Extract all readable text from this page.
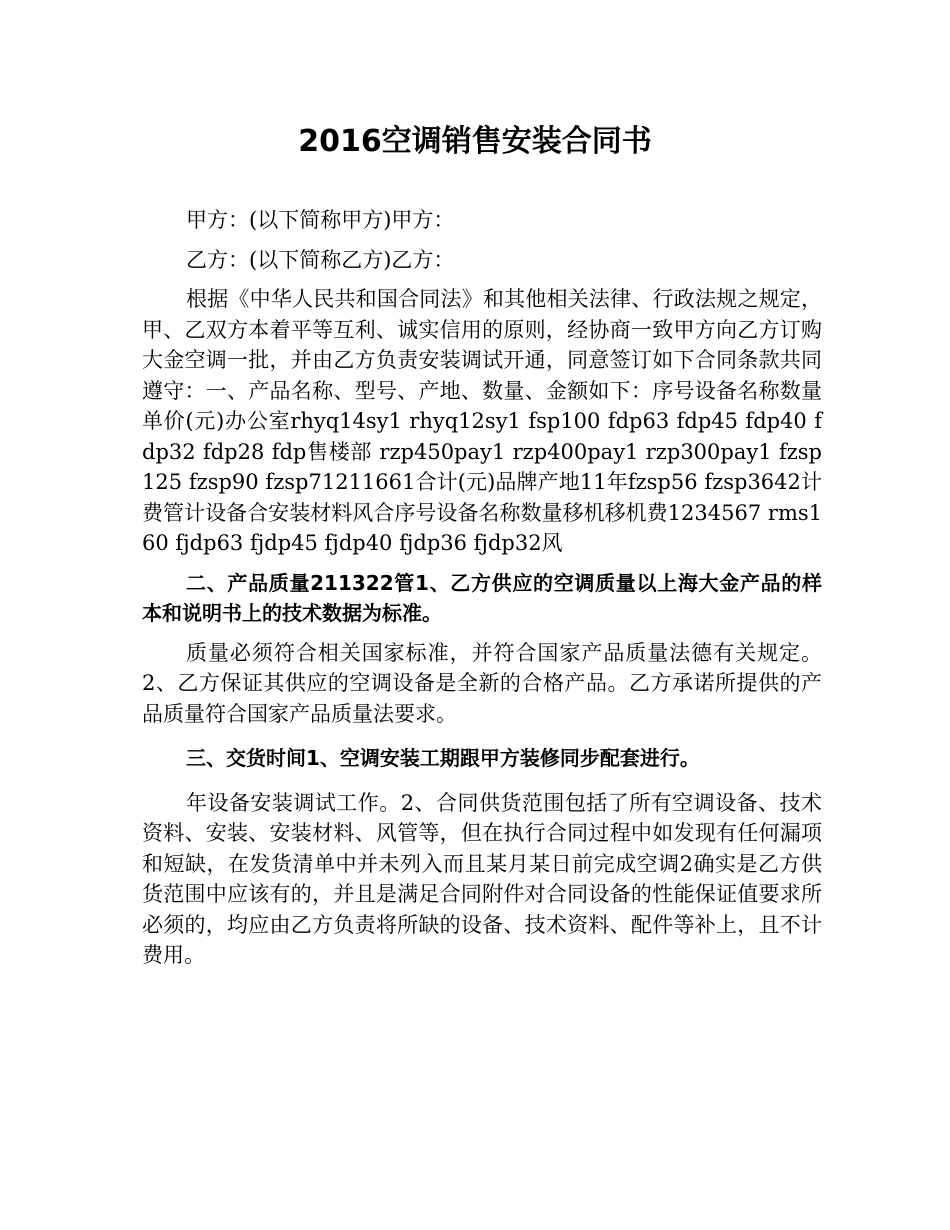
2016空调销售安装合同书

甲方：(以下简称甲方)甲方：

乙方：(以下简称乙方)乙方：

根据《中华人民共和国合同法》和其他相关法律、行政法规之规定，甲、乙双方本着平等互利、诚实信用的原则，经协商一致甲方向乙方订购大金空调一批，并由乙方负责安装调试开通，同意签订如下合同条款共同遵守：一、产品名称、型号、产地、数量、金额如下：序号设备名称数量单价(元)办公室rhyq14sy1 rhyq12sy1 fsp100 fdp63 fdp45 fdp40 fdp32 fdp28 fdp售楼部 rzp450pay1 rzp400pay1 rzp300pay1 fzsp125 fzsp90 fzsp71211661合计(元)品牌产地11年fzsp56 fzsp3642计费管计设备合安装材料风合序号设备名称数量移机移机费1234567 rms160 fjdp63 fjdp45 fjdp40 fjdp36 fjdp32风

二、产品质量211322管1、乙方供应的空调质量以上海大金产品的样本和说明书上的技术数据为标准。

质量必须符合相关国家标准，并符合国家产品质量法德有关规定。2、乙方保证其供应的空调设备是全新的合格产品。乙方承诺所提供的产品质量符合国家产品质量法要求。

三、交货时间1、空调安装工期跟甲方装修同步配套进行。

年设备安装调试工作。2、合同供货范围包括了所有空调设备、技术资料、安装、安装材料、风管等，但在执行合同过程中如发现有任何漏项和短缺，在发货清单中并未列入而且某月某日前完成空调2确实是乙方供货范围中应该有的，并且是满足合同附件对合同设备的性能保证值要求所必须的，均应由乙方负责将所缺的设备、技术资料、配件等补上，且不计费用。
